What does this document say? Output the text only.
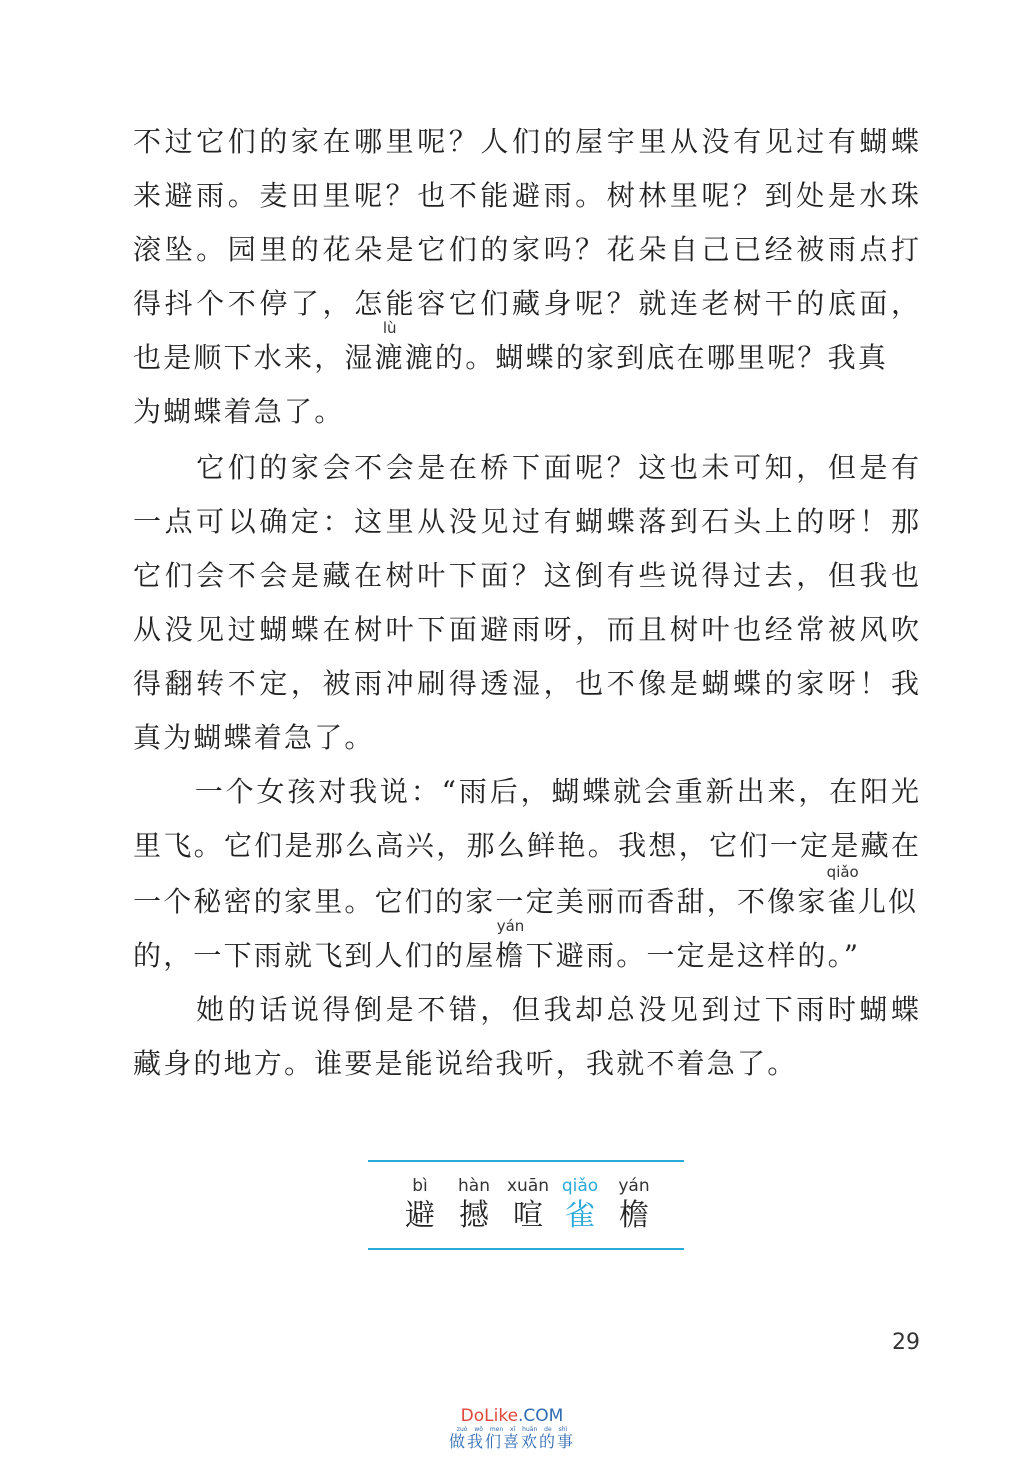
不过它们的家在哪里呢？人们的屋宇里从没有见过有蝴蝶
来避雨。麦田里呢？也不能避雨。树林里呢？到处是水珠
滚坠。园里的花朵是它们的家吗？花朵自己已经被雨点打
得抖个不停了，怎能容它们藏身呢？就连老树干的底面，
也是顺下水来，湿漉
lù
漉的。蝴蝶的家到底在哪里呢？我真
为蝴蝶着急了。
　　它们的家会不会是在桥下面呢？这也未可知，但是有
一点可以确定：这里从没见过有蝴蝶落到石头上的呀！那
它们会不会是藏在树叶下面？这倒有些说得过去，但我也
从没见过蝴蝶在树叶下面避雨呀，而且树叶也经常被风吹
得翻转不定，被雨冲刷得透湿，也不像是蝴蝶的家呀！我
真为蝴蝶着急了。
　　一个女孩对我说：“雨后，蝴蝶就会重新出来，在阳光
里飞。它们是那么高兴，那么鲜艳。我想，它们一定是藏在
一个秘密的家里。它们的家一定美丽而香甜，不像家雀
qiǎo
儿似
的，一下雨就飞到人们的屋檐
yán
下避雨。一定是这样的。”
　　她的话说得倒是不错，但我却总没见到过下雨时蝴蝶
藏身的地方。谁要是能说给我听，我就不着急了。
bì
避
hàn
撼
xuān
喧
qiǎo
雀
yán
檐
29
DoLike.COM
zuò wǒ men xǐ huān de shì
做我们喜欢的事
